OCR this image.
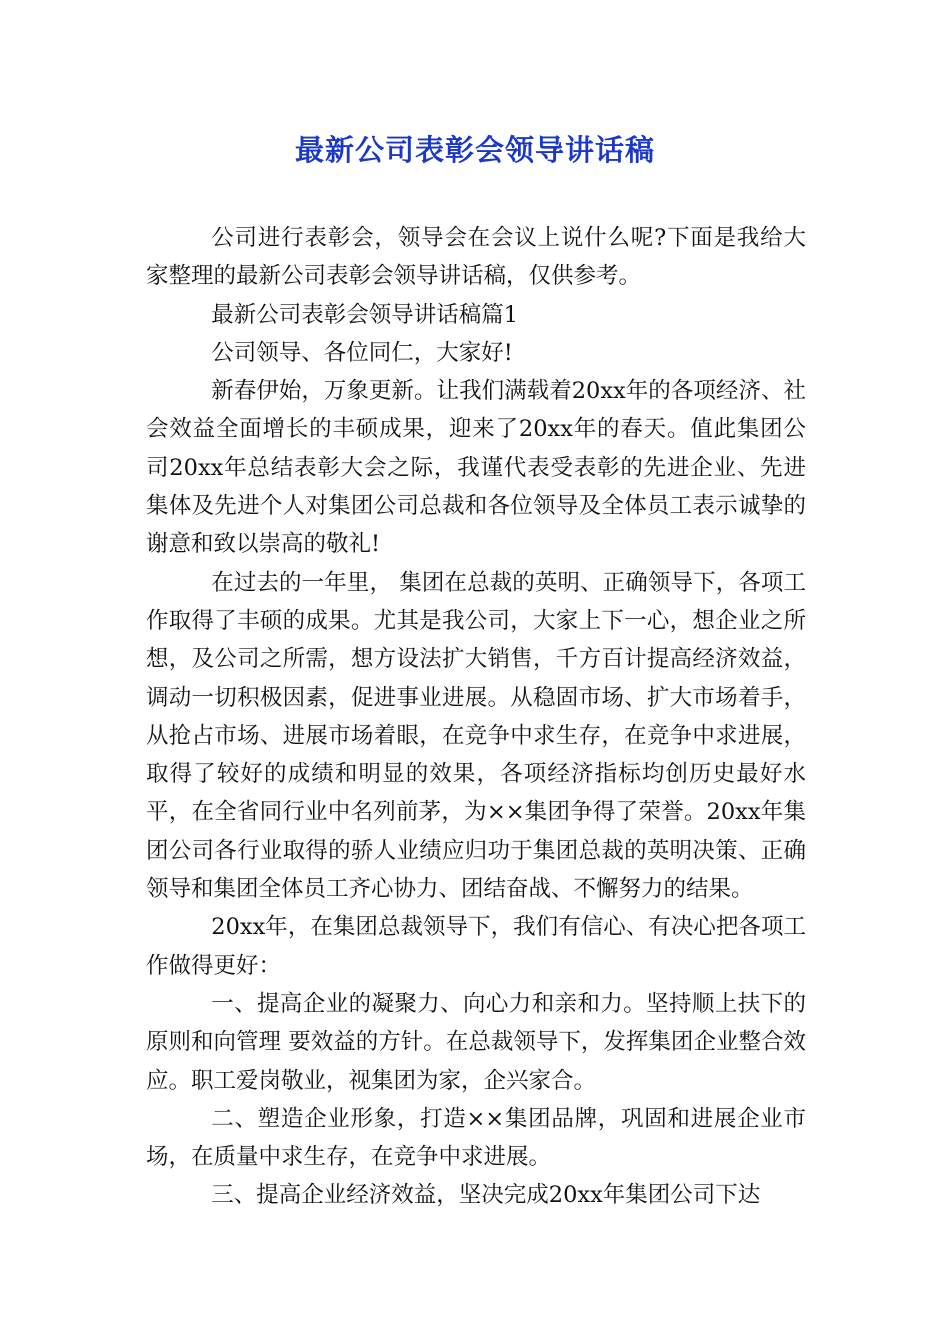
最新公司表彰会领导讲话稿

公司进行表彰会，领导会在会议上说什么呢?下面是我给大家整理的最新公司表彰会领导讲话稿，仅供参考。

最新公司表彰会领导讲话稿篇1

公司领导、各位同仁，大家好!

新春伊始，万象更新。让我们满载着20xx年的各项经济、社会效益全面增长的丰硕成果，迎来了20xx年的春天。值此集团公司20xx年总结表彰大会之际，我谨代表受表彰的先进企业、先进集体及先进个人对集团公司总裁和各位领导及全体员工表示诚挚的谢意和致以崇高的敬礼!

在过去的一年里， 集团在总裁的英明、正确领导下，各项工作取得了丰硕的成果。尤其是我公司，大家上下一心，想企业之所想，及公司之所需，想方设法扩大销售，千方百计提高经济效益，调动一切积极因素，促进事业进展。从稳固市场、扩大市场着手，从抢占市场、进展市场着眼，在竞争中求生存，在竞争中求进展，取得了较好的成绩和明显的效果，各项经济指标均创历史最好水平，在全省同行业中名列前茅，为××集团争得了荣誉。20xx年集团公司各行业取得的骄人业绩应归功于集团总裁的英明决策、正确领导和集团全体员工齐心协力、团结奋战、不懈努力的结果。

20xx年，在集团总裁领导下，我们有信心、有决心把各项工作做得更好：

一、提高企业的凝聚力、向心力和亲和力。坚持顺上扶下的原则和向管理 要效益的方针。在总裁领导下，发挥集团企业整合效应。职工爱岗敬业，视集团为家，企兴家合。

二、塑造企业形象，打造××集团品牌，巩固和进展企业市场，在质量中求生存，在竞争中求进展。

三、提高企业经济效益，坚决完成20xx年集团公司下达
